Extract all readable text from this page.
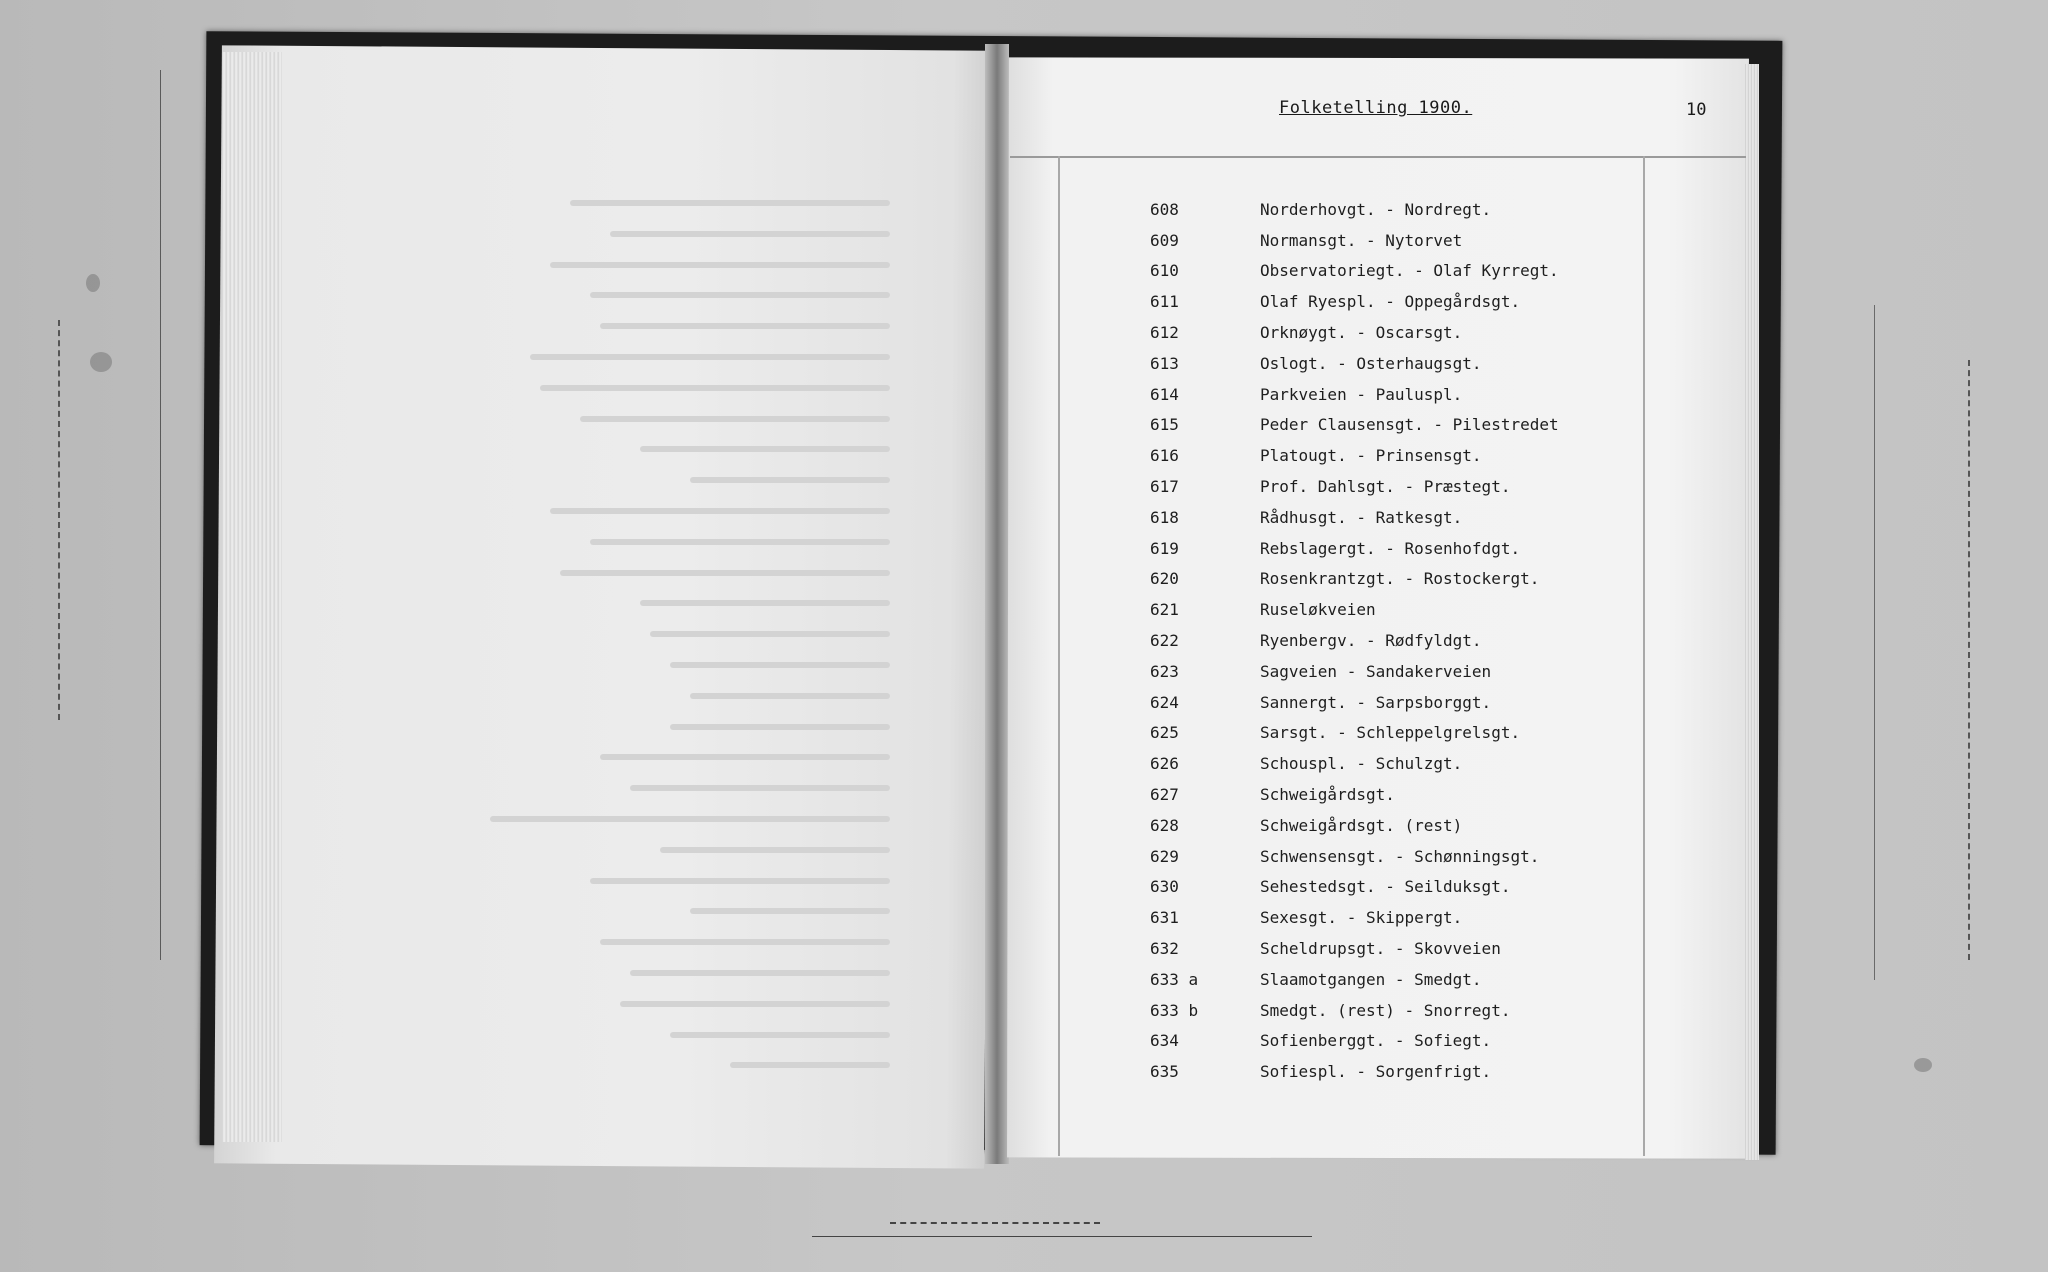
Folketelling 1900.	10
608	Norderhovgt. - Nordregt.
609	Normansgt. - Nytorvet
610	Observatoriegt. - Olaf Kyrregt.
611	Olaf Ryespl. - Oppegårdsgt.
612	Orknøygt. - Oscarsgt.
613	Oslogt. - Osterhaugsgt.
614	Parkveien - Pauluspl.
615	Peder Clausensgt. - Pilestredet
616	Platougt. - Prinsensgt.
617	Prof. Dahlsgt. - Præstegt.
618	Rådhusgt. - Ratkesgt.
619	Rebslagergt. - Rosenhofdgt.
620	Rosenkrantzgt. - Rostockergt.
621	Ruseløkveien
622	Ryenbergv. - Rødfyldgt.
623	Sagveien - Sandakerveien
624	Sannergt. - Sarpsborggt.
625	Sarsgt. - Schleppelgrelsgt.
626	Schouspl. - Schulzgt.
627	Schweigårdsgt.
628	Schweigårdsgt. (rest)
629	Schwensensgt. - Schønningsgt.
630	Sehestedsgt. - Seilduksgt.
631	Sexesgt. - Skippergt.
632	Scheldrupsgt. - Skovveien
633 a	Slaamotgangen - Smedgt.
633 b	Smedgt. (rest) - Snorregt.
634	Sofienberggt. - Sofiegt.
635	Sofiespl. - Sorgenfrigt.
